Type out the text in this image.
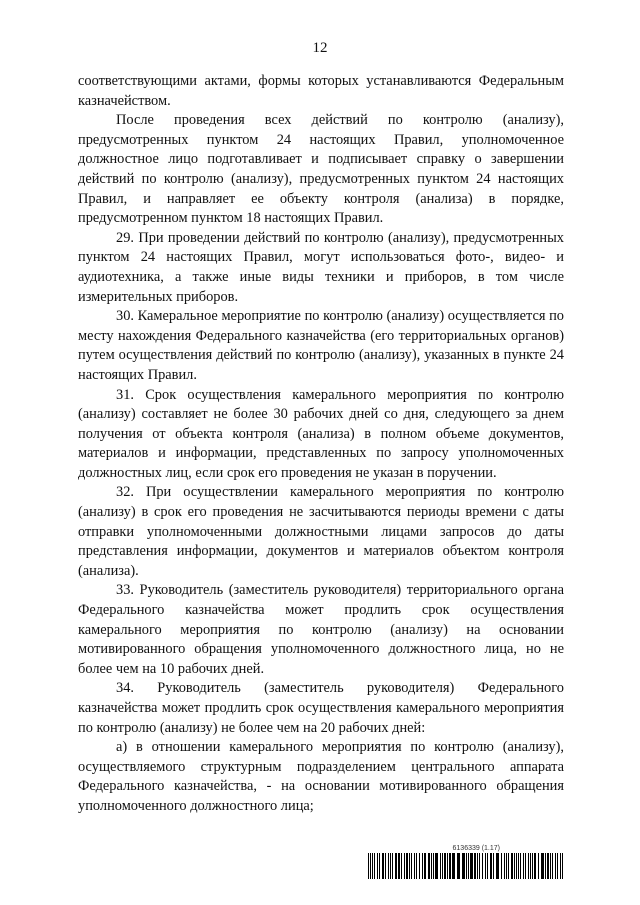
12

соответствующими актами, формы которых устанавливаются Федеральным казначейством.

После проведения всех действий по контролю (анализу), предусмотренных пунктом 24 настоящих Правил, уполномоченное должностное лицо подготавливает и подписывает справку о завершении действий по контролю (анализу), предусмотренных пунктом 24 настоящих Правил, и направляет ее объекту контроля (анализа) в порядке, предусмотренном пунктом 18 настоящих Правил.

29. При проведении действий по контролю (анализу), предусмотренных пунктом 24 настоящих Правил, могут использоваться фото-, видео- и аудиотехника, а также иные виды техники и приборов, в том числе измерительных приборов.

30. Камеральное мероприятие по контролю (анализу) осуществляется по месту нахождения Федерального казначейства (его территориальных органов) путем осуществления действий по контролю (анализу), указанных в пункте 24 настоящих Правил.

31. Срок осуществления камерального мероприятия по контролю (анализу) составляет не более 30 рабочих дней со дня, следующего за днем получения от объекта контроля (анализа) в полном объеме документов, материалов и информации, представленных по запросу уполномоченных должностных лиц, если срок его проведения не указан в поручении.

32. При осуществлении камерального мероприятия по контролю (анализу) в срок его проведения не засчитываются периоды времени с даты отправки уполномоченными должностными лицами запросов до даты представления информации, документов и материалов объектом контроля (анализа).

33. Руководитель (заместитель руководителя) территориального органа Федерального казначейства может продлить срок осуществления камерального мероприятия по контролю (анализу) на основании мотивированного обращения уполномоченного должностного лица, но не более чем на 10 рабочих дней.

34. Руководитель (заместитель руководителя) Федерального казначейства может продлить срок осуществления камерального мероприятия по контролю (анализу) не более чем на 20 рабочих дней:

а) в отношении камерального мероприятия по контролю (анализу), осуществляемого структурным подразделением центрального аппарата Федерального казначейства, - на основании мотивированного обращения уполномоченного должностного лица;

6136339 (1.17)
